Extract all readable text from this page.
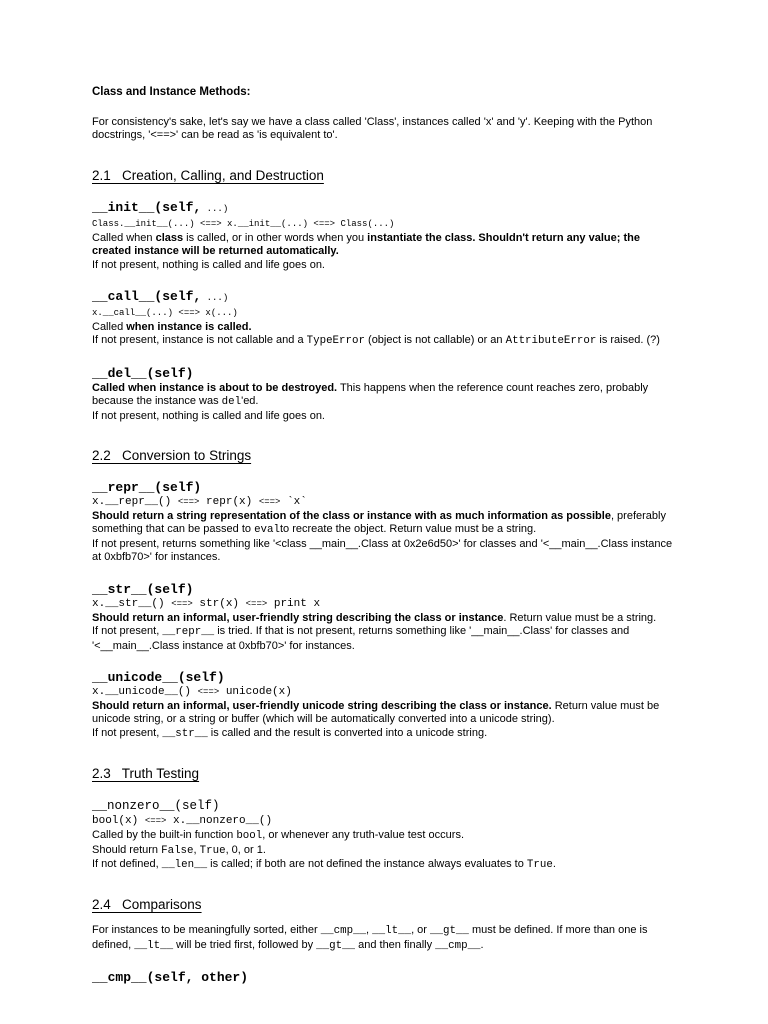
Class and Instance Methods:
For consistency's sake, let's say we have a class called 'Class', instances called 'x' and 'y'. Keeping with the Python docstrings, '<==>' can be read as 'is equivalent to'.
2.1   Creation, Calling, and Destruction
__init__(self, ...)
Class.__init__(...) <==> x.__init__(...) <==> Class(...)
Called when class is called, or in other words when you instantiate the class. Shouldn't return any value; the created instance will be returned automatically.
If not present, nothing is called and life goes on.
__call__(self, ...)
x.__call__(...) <==> x(...)
Called when instance is called.
If not present, instance is not callable and a TypeError (object is not callable) or an AttributeError is raised. (?)
__del__(self)
Called when instance is about to be destroyed. This happens when the reference count reaches zero, probably because the instance was del'ed.
If not present, nothing is called and life goes on.
2.2   Conversion to Strings
__repr__(self)
x.__repr__() <==> repr(x) <==> `x`
Should return a string representation of the class or instance with as much information as possible, preferably something that can be passed to evalto recreate the object. Return value must be a string.
If not present, returns something like '<class __main__.Class at 0x2e6d50>' for classes and '<__main__.Class instance at 0xbfb70>' for instances.
__str__(self)
x.__str__() <==> str(x) <==> print x
Should return an informal, user-friendly string describing the class or instance. Return value must be a string.
If not present, __repr__ is tried. If that is not present, returns something like '__main__.Class' for classes and '<__main__.Class instance at 0xbfb70>' for instances.
__unicode__(self)
x.__unicode__() <==> unicode(x)
Should return an informal, user-friendly unicode string describing the class or instance. Return value must be unicode string, or a string or buffer (which will be automatically converted into a unicode string).
If not present, __str__ is called and the result is converted into a unicode string.
2.3   Truth Testing
__nonzero__(self)
bool(x) <==> x.__nonzero__()
Called by the built-in function bool, or whenever any truth-value test occurs.
Should return False, True, 0, or 1.
If not defined, __len__ is called; if both are not defined the instance always evaluates to True.
2.4   Comparisons
For instances to be meaningfully sorted, either __cmp__, __lt__, or __gt__ must be defined. If more than one is defined, __lt__ will be tried first, followed by __gt__ and then finally __cmp__.
__cmp__(self, other)
